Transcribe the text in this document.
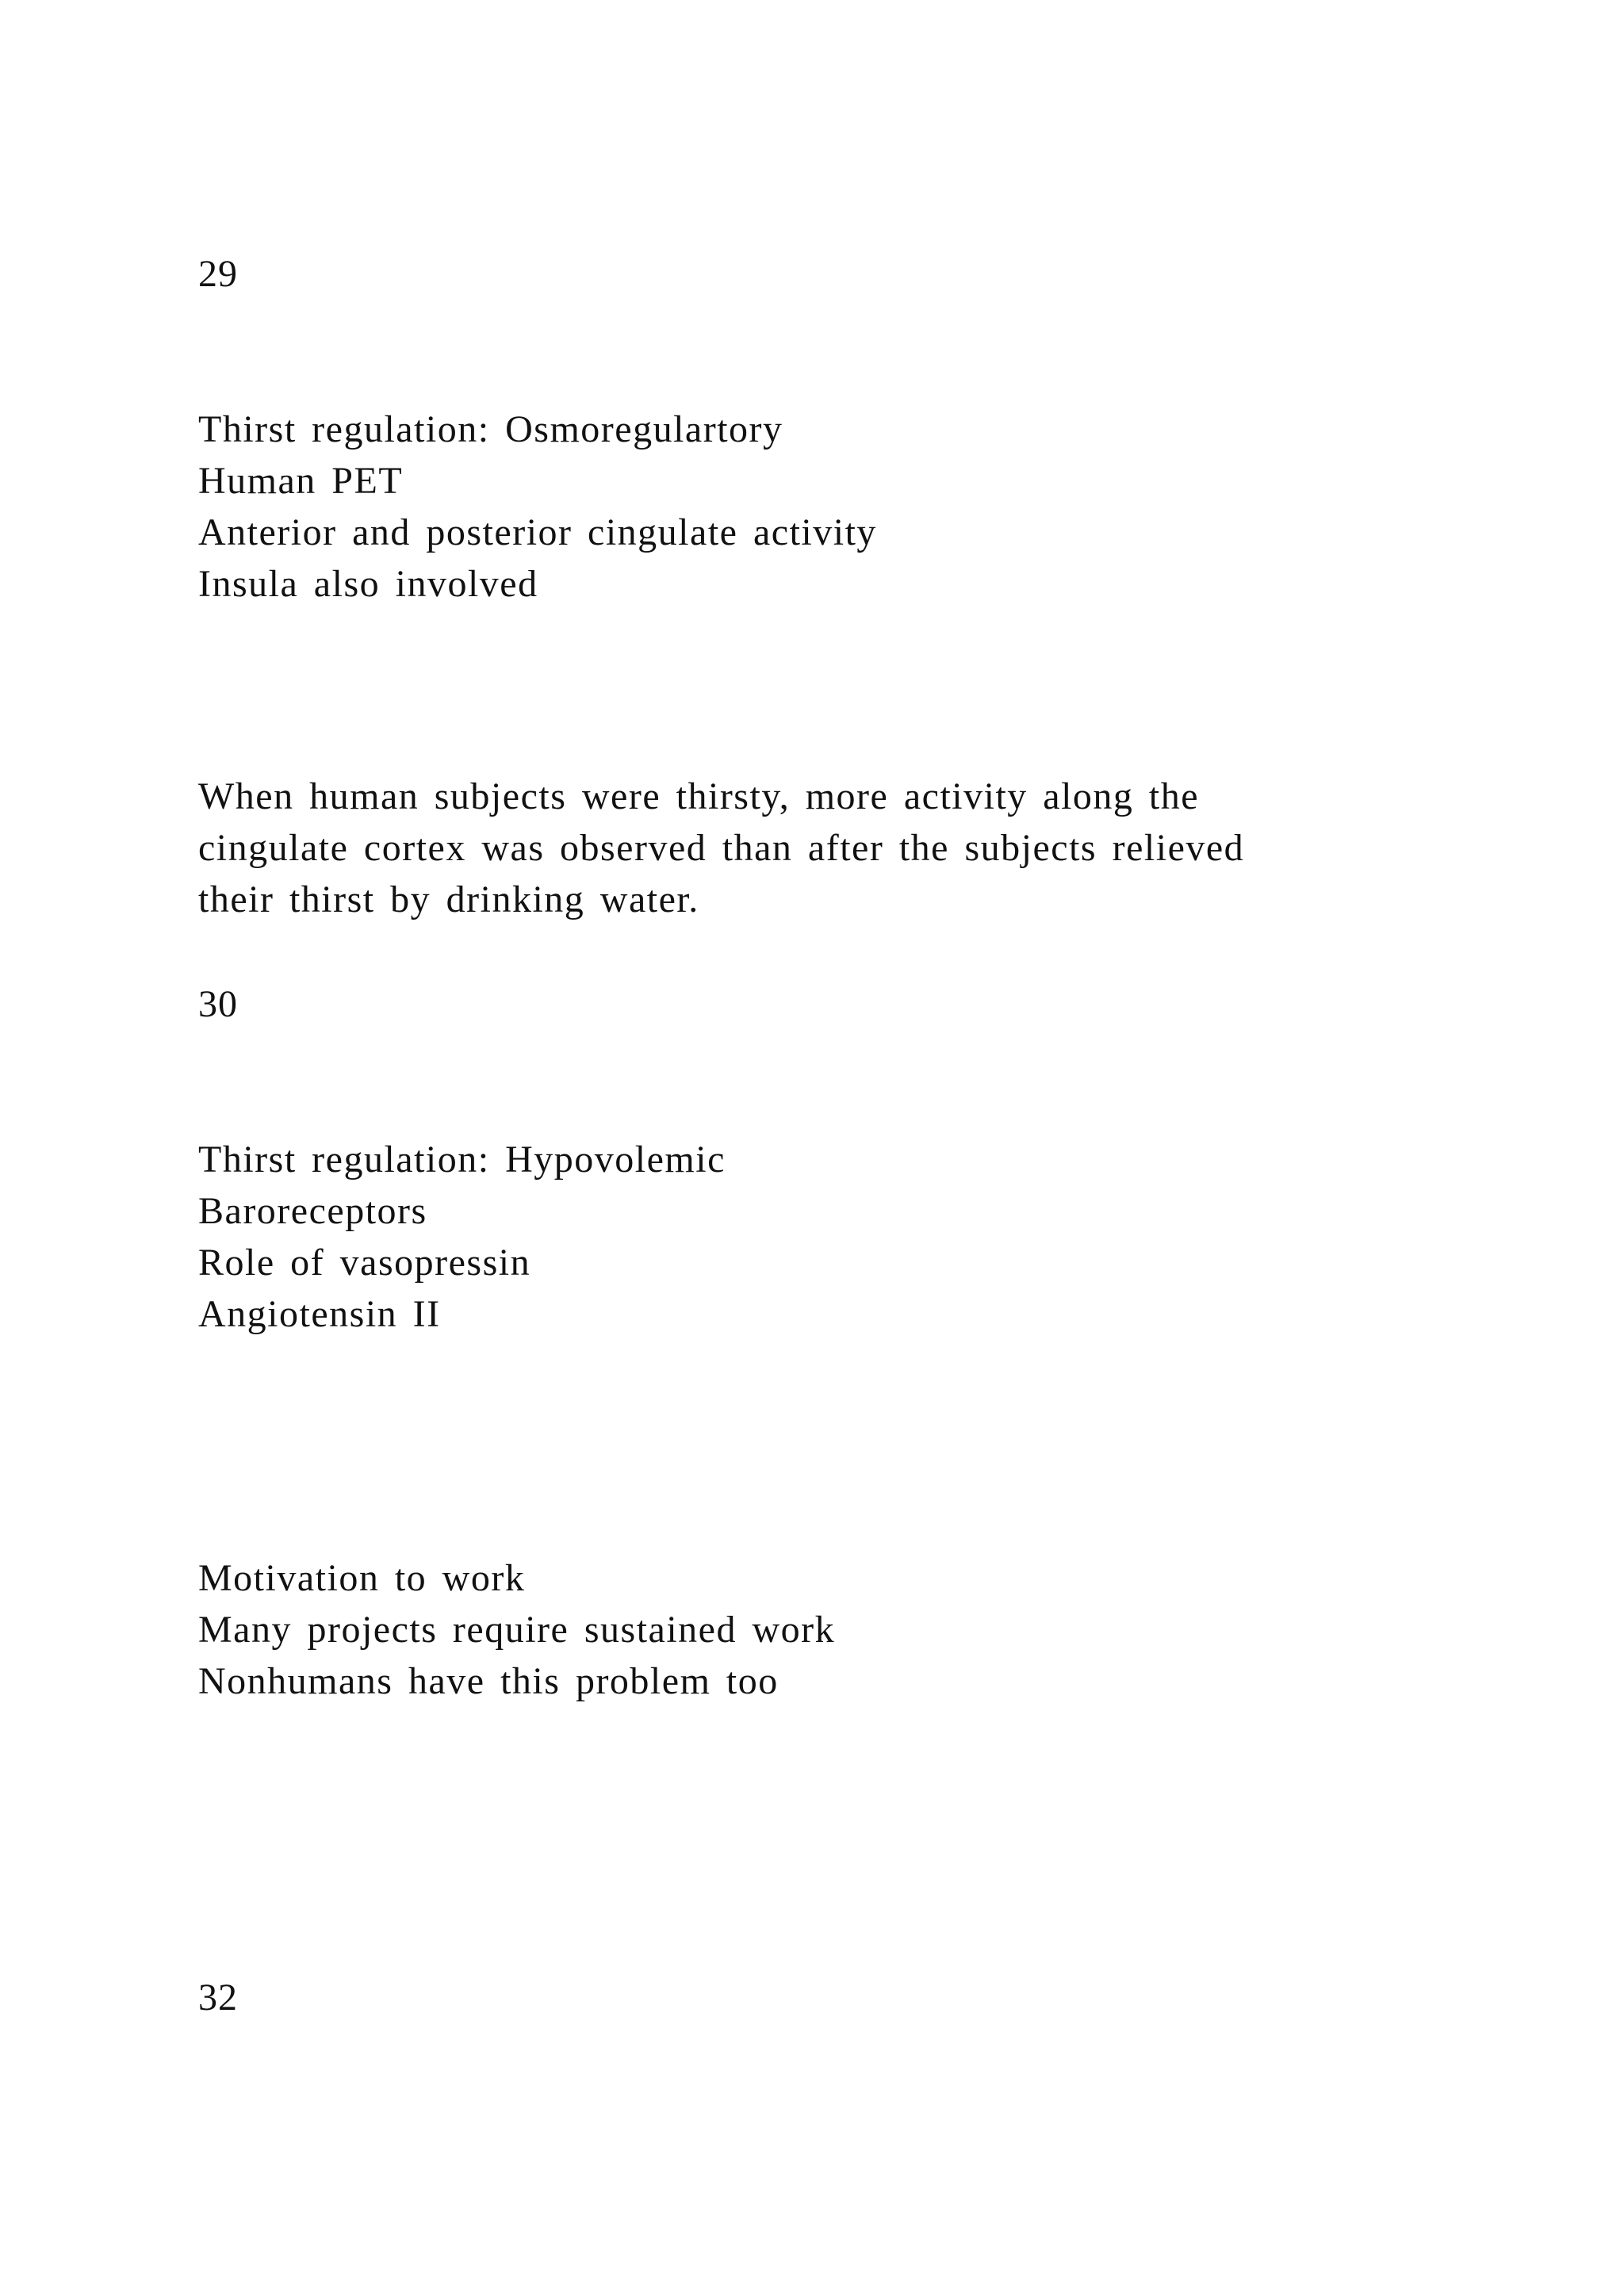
29

Thirst regulation: Osmoregulartory
Human PET
Anterior and posterior cingulate activity
Insula also involved
When human subjects were thirsty, more activity along the
cingulate cortex was observed than after the subjects relieved
their thirst by drinking water.

30

Thirst regulation: Hypovolemic
Baroreceptors
Role of vasopressin
Angiotensin II
Motivation to work
Many projects require sustained work
Nonhumans have this problem too

32
